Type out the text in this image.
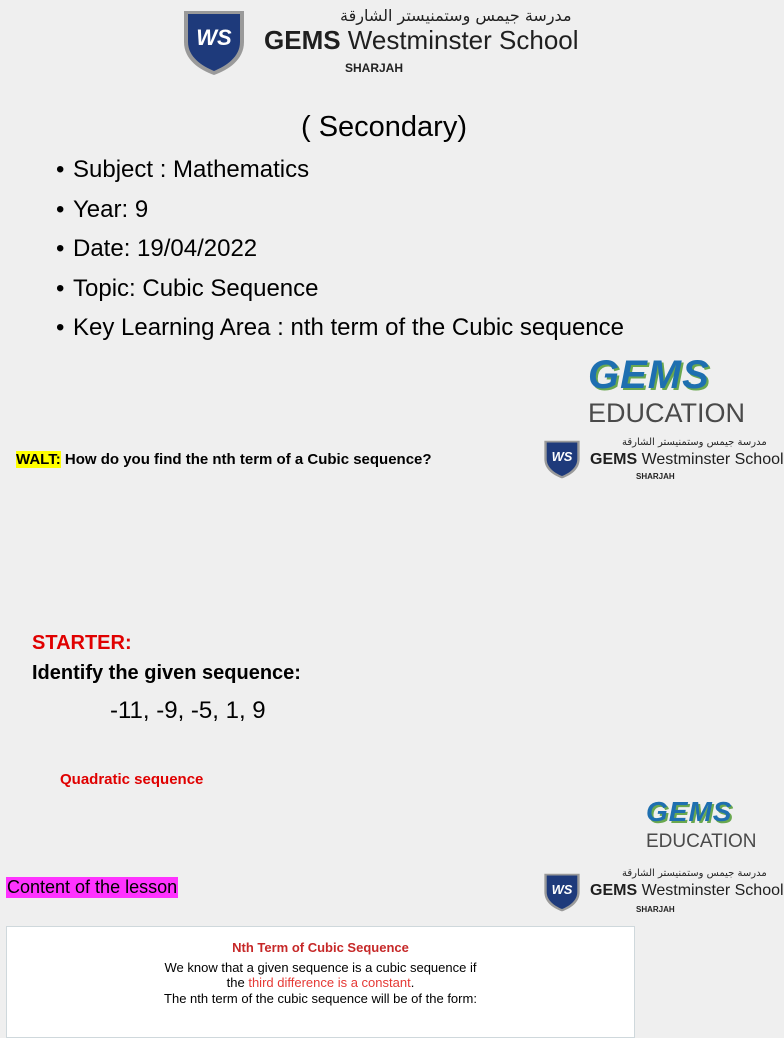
WS
مدرسة جيمس وستمنيستر الشارقة
GEMS Westminster School
SHARJAH
( Secondary)
• Subject : Mathematics
• Year: 9
• Date: 19/04/2022
• Topic: Cubic Sequence
• Key Learning Area : nth term of the Cubic sequence
GEMS
EDUCATION
WALT: How do you find the nth term of a Cubic sequence?	WS
مدرسة جيمس وستمنيستر الشارقة
GEMS Westminster School
SHARJAH
STARTER:
Identify the given sequence:
-11, -9, -5, 1, 9
Quadratic sequence
GEMS
EDUCATION
Content of the lesson	WS
مدرسة جيمس وستمنيستر الشارقة
GEMS Westminster School
SHARJAH
Nth Term of Cubic Sequence
We know that a given sequence is a cubic sequence if
the third difference is a constant.
The nth term of the cubic sequence will be of the form:
